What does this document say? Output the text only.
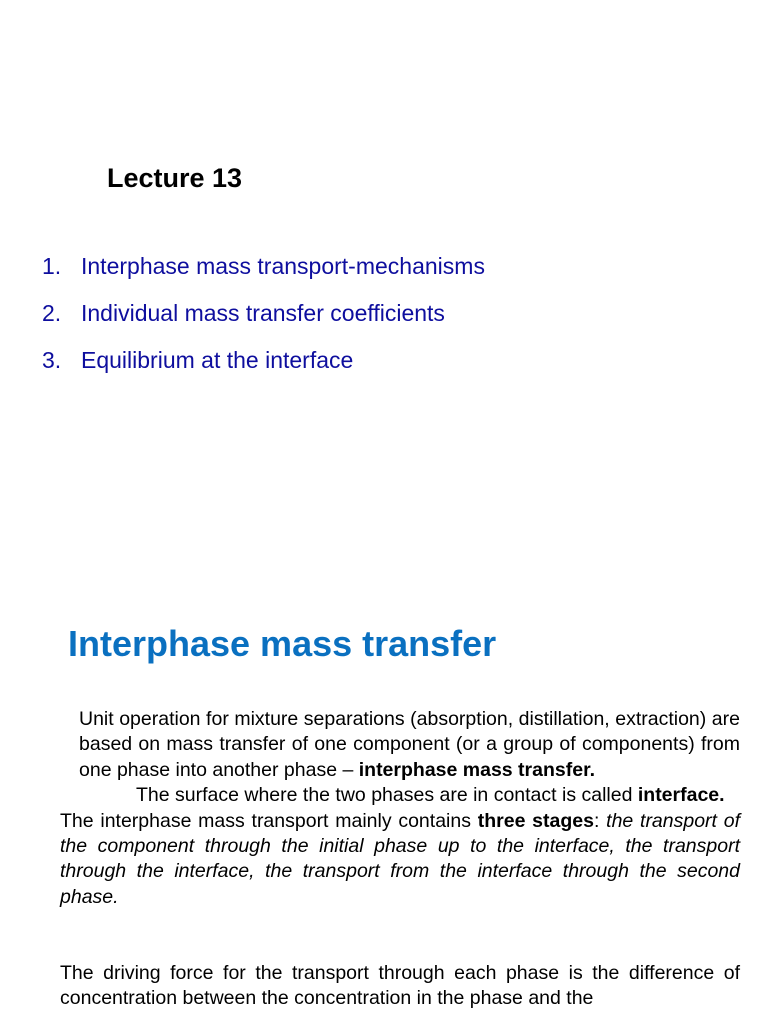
Lecture 13
1. Interphase mass transport-mechanisms
2. Individual mass transfer coefficients
3. Equilibrium at the interface
Interphase mass transfer
Unit operation for mixture separations (absorption, distillation, extraction) are based on mass transfer of one component (or a group of components) from one phase into another phase – interphase mass transfer.
The surface where the two phases are in contact is called interface.
The interphase mass transport mainly contains three stages: the transport of the component through the initial phase up to the interface, the transport through the interface, the transport from the interface through the second phase.
The driving force for the transport through each phase is the difference of concentration between the concentration in the phase and the
